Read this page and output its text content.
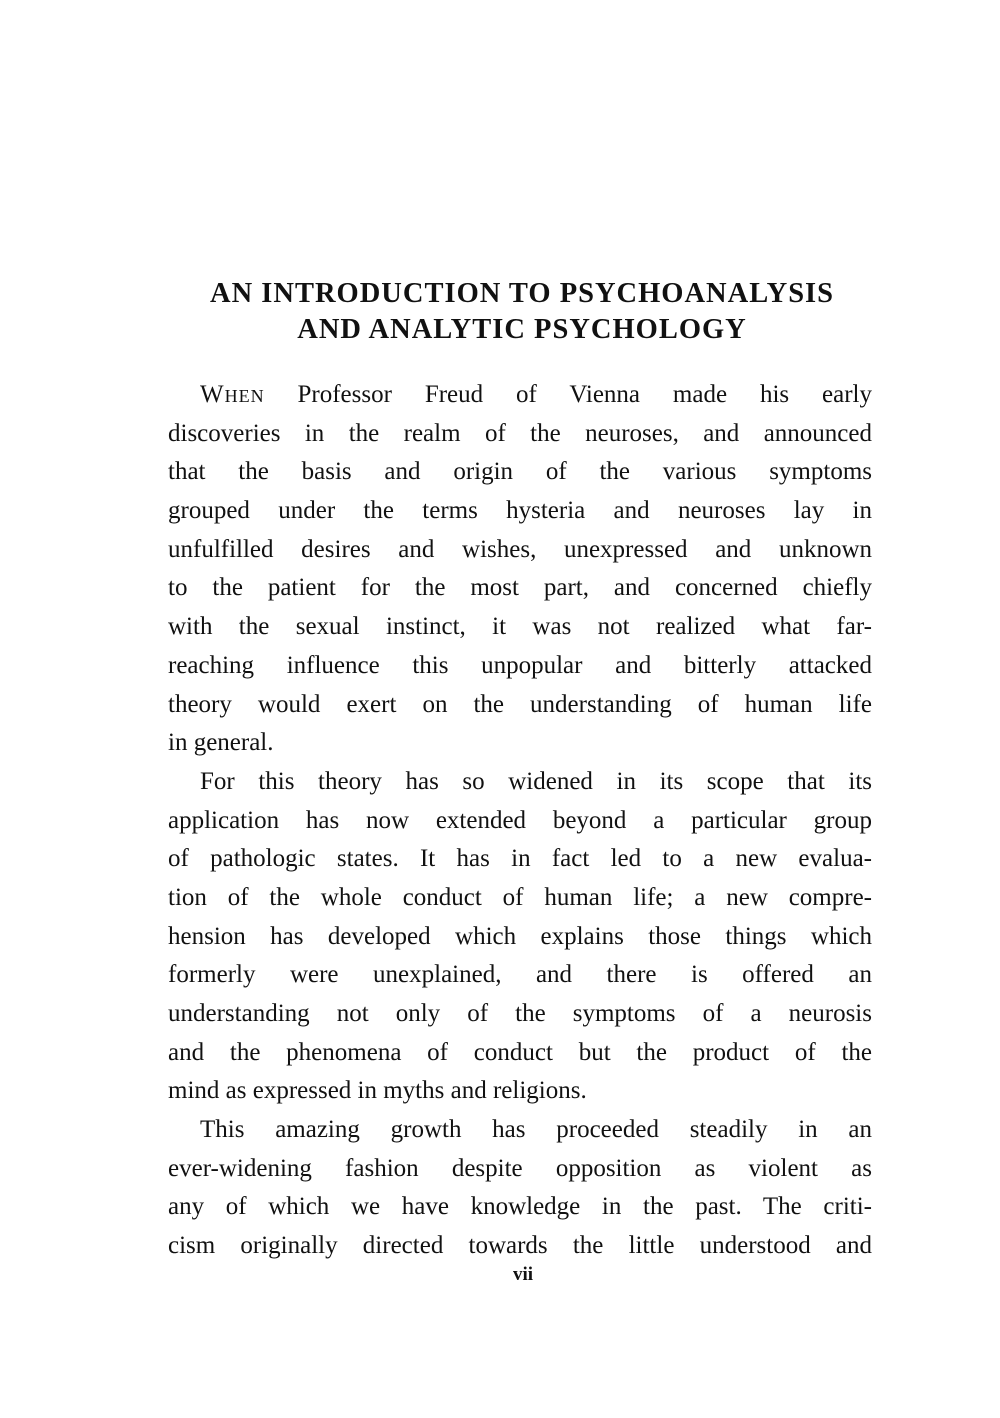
AN INTRODUCTION TO PSYCHOANALYSIS
AND ANALYTIC PSYCHOLOGY
When Professor Freud of Vienna made his early
discoveries in the realm of the neuroses, and announced
that the basis and origin of the various symptoms
grouped under the terms hysteria and neuroses lay in
unfulfilled desires and wishes, unexpressed and unknown
to the patient for the most part, and concerned chiefly
with the sexual instinct, it was not realized what far-
reaching influence this unpopular and bitterly attacked
theory would exert on the understanding of human life
in general.
For this theory has so widened in its scope that its
application has now extended beyond a particular group
of pathologic states. It has in fact led to a new evalua-
tion of the whole conduct of human life; a new compre-
hension has developed which explains those things which
formerly were unexplained, and there is offered an
understanding not only of the symptoms of a neurosis
and the phenomena of conduct but the product of the
mind as expressed in myths and religions.
This amazing growth has proceeded steadily in an
ever-widening fashion despite opposition as violent as
any of which we have knowledge in the past. The criti-
cism originally directed towards the little understood and
vii
